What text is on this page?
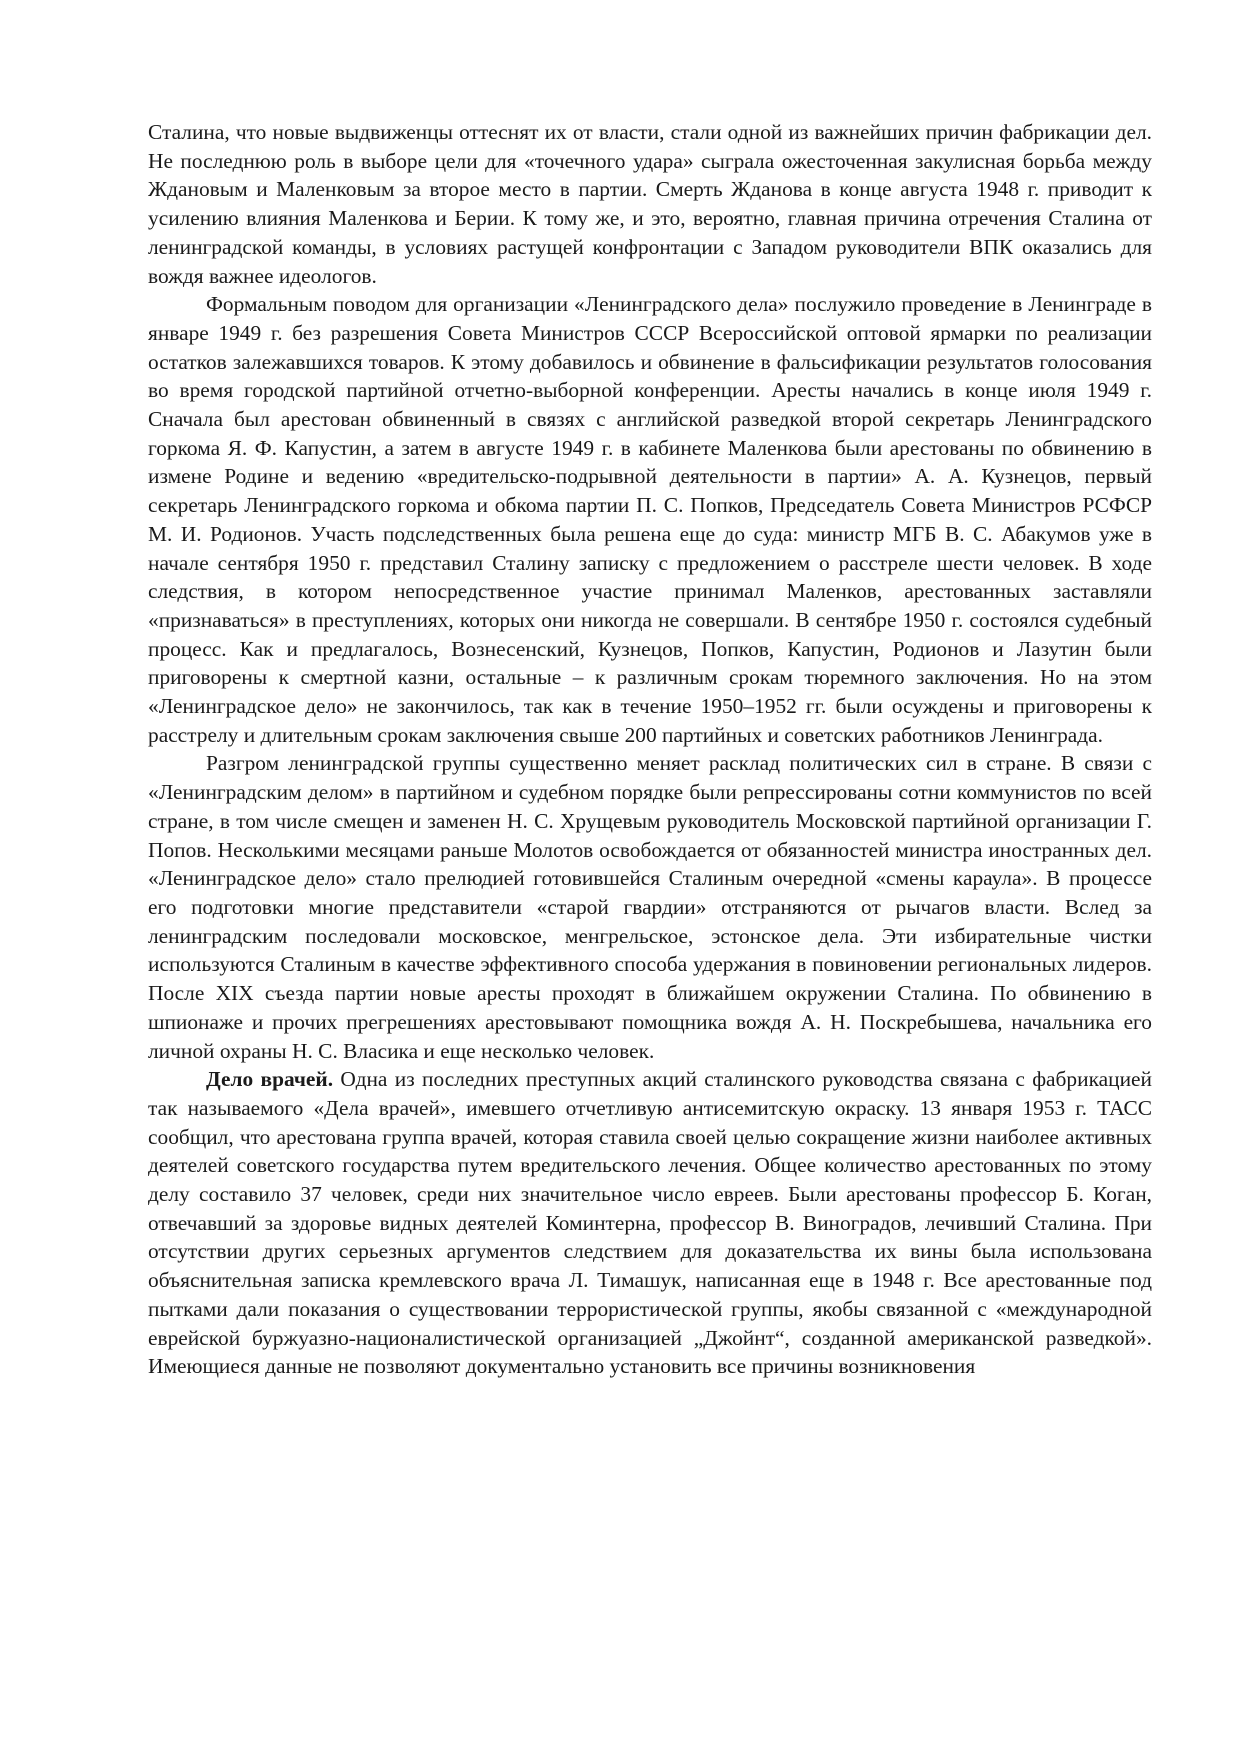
Сталина, что новые выдвиженцы оттеснят их от власти, стали одной из важнейших причин фабрикации дел. Не последнюю роль в выборе цели для «точечного удара» сыграла ожесточенная закулисная борьба между Ждановым и Маленковым за второе место в партии. Смерть Жданова в конце августа 1948 г. приводит к усилению влияния Маленкова и Берии. К тому же, и это, вероятно, главная причина отречения Сталина от ленинградской команды, в условиях растущей конфронтации с Западом руководители ВПК оказались для вождя важнее идеологов.

Формальным поводом для организации «Ленинградского дела» послужило проведение в Ленинграде в январе 1949 г. без разрешения Совета Министров СССР Всероссийской оптовой ярмарки по реализации остатков залежавшихся товаров. К этому добавилось и обвинение в фальсификации результатов голосования во время городской партийной отчетно-выборной конференции. Аресты начались в конце июля 1949 г. Сначала был арестован обвиненный в связях с английской разведкой второй секретарь Ленинградского горкома Я. Ф. Капустин, а затем в августе 1949 г. в кабинете Маленкова были арестованы по обвинению в измене Родине и ведению «вредительско-подрывной деятельности в партии» А. А. Кузнецов, первый секретарь Ленинградского горкома и обкома партии П. С. Попков, Председатель Совета Министров РСФСР М. И. Родионов. Участь подследственных была решена еще до суда: министр МГБ В. С. Абакумов уже в начале сентября 1950 г. представил Сталину записку с предложением о расстреле шести человек. В ходе следствия, в котором непосредственное участие принимал Маленков, арестованных заставляли «признаваться» в преступлениях, которых они никогда не совершали. В сентябре 1950 г. состоялся судебный процесс. Как и предлагалось, Вознесенский, Кузнецов, Попков, Капустин, Родионов и Лазутин были приговорены к смертной казни, остальные – к различным срокам тюремного заключения. Но на этом «Ленинградское дело» не закончилось, так как в течение 1950–1952 гг. были осуждены и приговорены к расстрелу и длительным срокам заключения свыше 200 партийных и советских работников Ленинграда.

Разгром ленинградской группы существенно меняет расклад политических сил в стране. В связи с «Ленинградским делом» в партийном и судебном порядке были репрессированы сотни коммунистов по всей стране, в том числе смещен и заменен Н. С. Хрущевым руководитель Московской партийной организации Г. Попов. Несколькими месяцами раньше Молотов освобождается от обязанностей министра иностранных дел. «Ленинградское дело» стало прелюдией готовившейся Сталиным очередной «смены караула». В процессе его подготовки многие представители «старой гвардии» отстраняются от рычагов власти. Вслед за ленинградским последовали московское, менгрельское, эстонское дела. Эти избирательные чистки используются Сталиным в качестве эффективного способа удержания в повиновении региональных лидеров. После XIX съезда партии новые аресты проходят в ближайшем окружении Сталина. По обвинению в шпионаже и прочих прегрешениях арестовывают помощника вождя А. Н. Поскребышева, начальника его личной охраны Н. С. Власика и еще несколько человек.

Дело врачей. Одна из последних преступных акций сталинского руководства связана с фабрикацией так называемого «Дела врачей», имевшего отчетливую антисемитскую окраску. 13 января 1953 г. ТАСС сообщил, что арестована группа врачей, которая ставила своей целью сокращение жизни наиболее активных деятелей советского государства путем вредительского лечения. Общее количество арестованных по этому делу составило 37 человек, среди них значительное число евреев. Были арестованы профессор Б. Коган, отвечавший за здоровье видных деятелей Коминтерна, профессор В. Виноградов, лечивший Сталина. При отсутствии других серьезных аргументов следствием для доказательства их вины была использована объяснительная записка кремлевского врача Л. Тимашук, написанная еще в 1948 г. Все арестованные под пытками дали показания о существовании террористической группы, якобы связанной с «международной еврейской буржуазно-националистической организацией „Джойнт“, созданной американской разведкой». Имеющиеся данные не позволяют документально установить все причины возникновения
